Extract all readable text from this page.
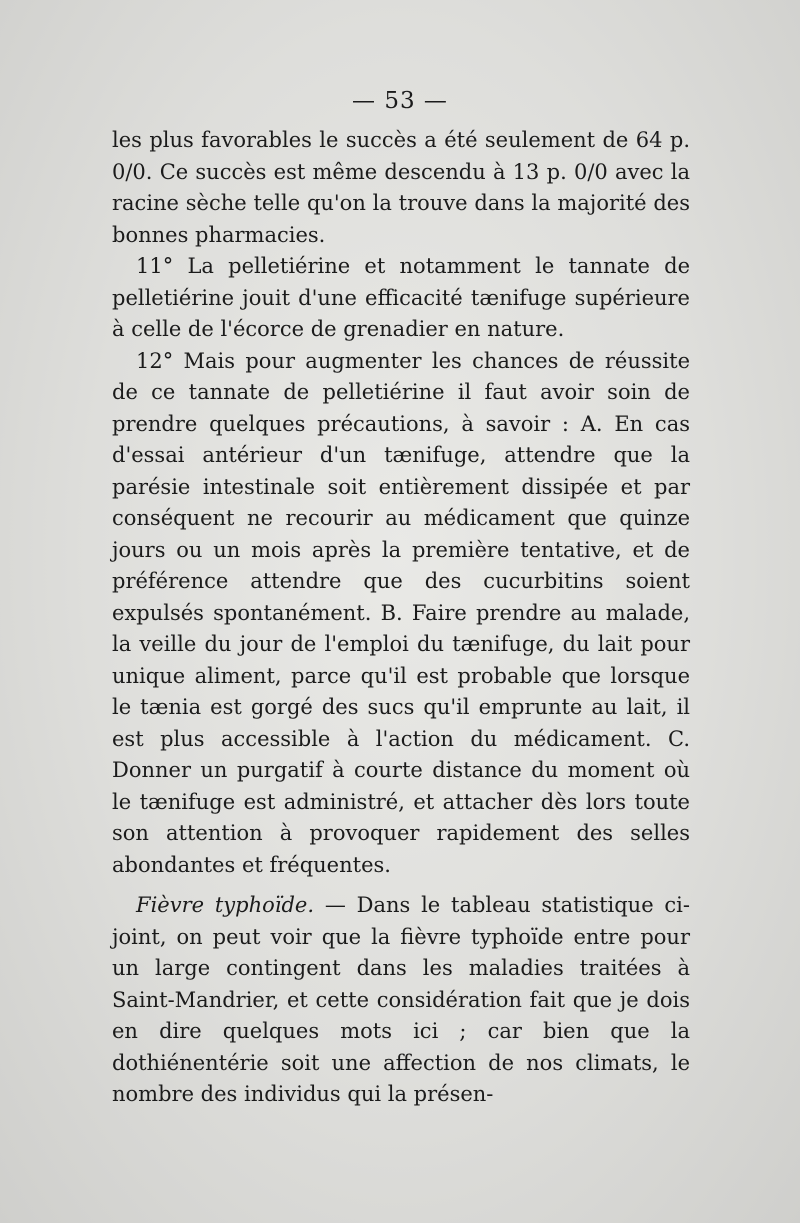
— 53 —

les plus favorables le succès a été seulement de 64 p. 0/0. Ce succès est même descendu à 13 p. 0/0 avec la racine sèche telle qu'on la trouve dans la majorité des bonnes pharmacies.

11° La pelletiérine et notamment le tannate de pelletiérine jouit d'une efficacité tænifuge supérieure à celle de l'écorce de grenadier en nature.

12° Mais pour augmenter les chances de réussite de ce tannate de pelletiérine il faut avoir soin de prendre quelques précautions, à savoir : A. En cas d'essai antérieur d'un tænifuge, attendre que la parésie intestinale soit entièrement dissipée et par conséquent ne recourir au médicament que quinze jours ou un mois après la première tentative, et de préférence attendre que des cucurbitins soient expulsés spontanément. B. Faire prendre au malade, la veille du jour de l'emploi du tænifuge, du lait pour unique aliment, parce qu'il est probable que lorsque le tænia est gorgé des sucs qu'il emprunte au lait, il est plus accessible à l'action du médicament. C. Donner un purgatif à courte distance du moment où le tænifuge est administré, et attacher dès lors toute son attention à provoquer rapidement des selles abondantes et fréquentes.

Fièvre typhoïde. — Dans le tableau statistique ci-joint, on peut voir que la fièvre typhoïde entre pour un large contingent dans les maladies traitées à Saint-Mandrier, et cette considération fait que je dois en dire quelques mots ici ; car bien que la dothiénentérie soit une affection de nos climats, le nombre des individus qui la présen-
